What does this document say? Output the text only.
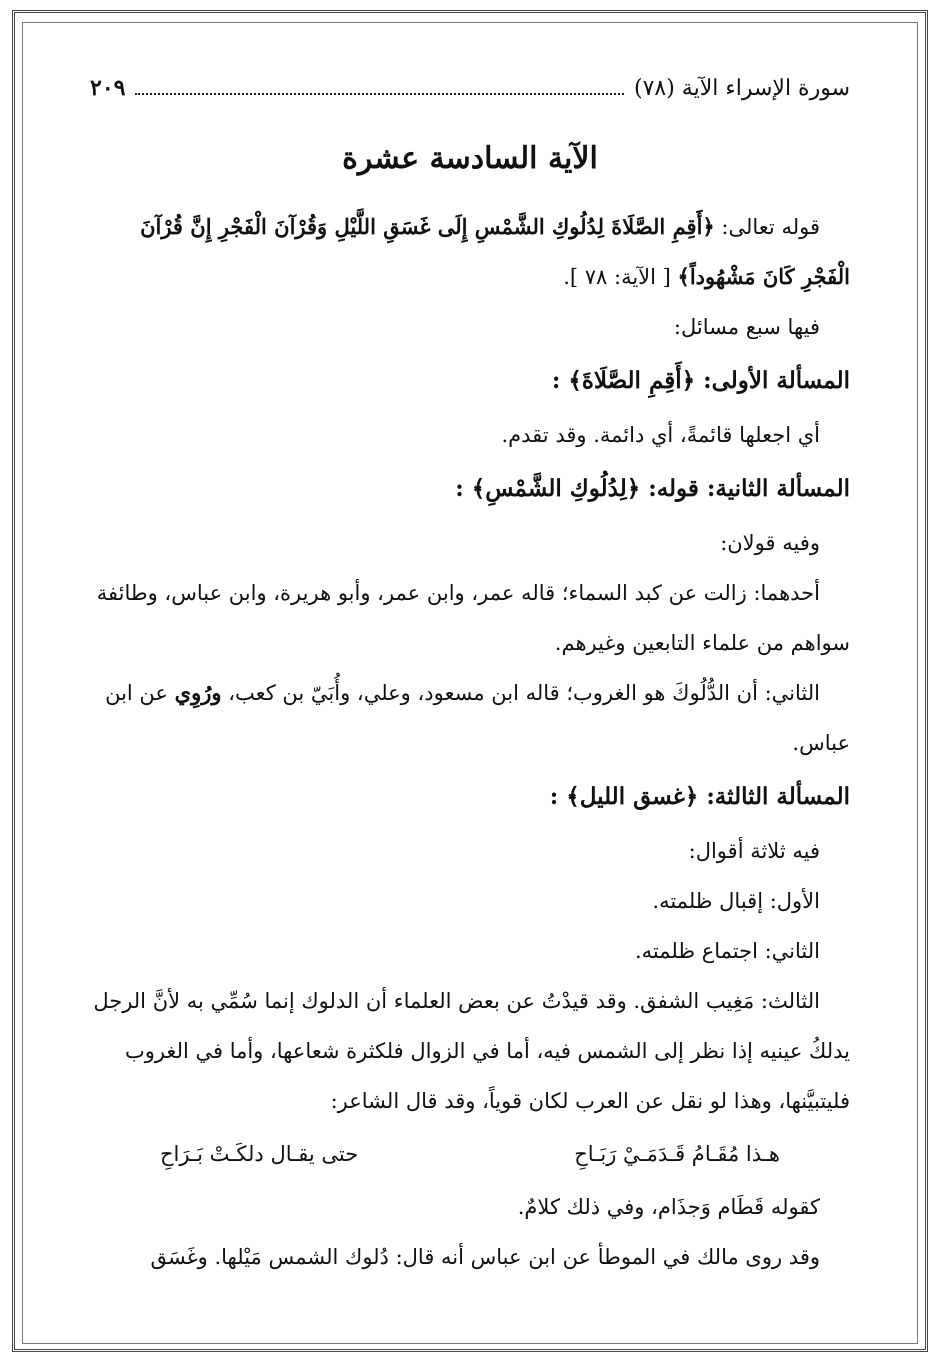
سورة الإسراء الآية (٧٨)
٢٠٩
الآية السادسة عشرة

قوله تعالى: ﴿أَقِمِ الصَّلَاةَ لِدُلُوكِ الشَّمْسِ إِلَى غَسَقِ اللَّيْلِ وَقُرْآنَ الْفَجْرِ إِنَّ قُرْآنَ الْفَجْرِ كَانَ مَشْهُوداً﴾ [ الآية: ٧٨ ].

فيها سبع مسائل:

المسألة الأولى: ﴿أَقِمِ الصَّلَاةَ﴾ :

أي اجعلها قائمةً، أي دائمة. وقد تقدم.

المسألة الثانية: قوله: ﴿لِدُلُوكِ الشَّمْسِ﴾ :

وفيه قولان:

أحدهما: زالت عن كبد السماء؛ قاله عمر، وابن عمر، وأبو هريرة، وابن عباس، وطائفة سواهم من علماء التابعين وغيرهم.

الثاني: أن الدُّلُوكَ هو الغروب؛ قاله ابن مسعود، وعلي، وأُبَيّ بن كعب، ورُوِي عن ابن عباس.

المسألة الثالثة: ﴿غسق الليل﴾ :

فيه ثلاثة أقوال:

الأول: إقبال ظلمته.

الثاني: اجتماع ظلمته.

الثالث: مَغِيب الشفق. وقد قيدْتُ عن بعض العلماء أن الدلوك إنما سُمِّي به لأنَّ الرجل يدلكُ عينيه إذا نظر إلى الشمس فيه، أما في الزوال فلكثرة شعاعها، وأما في الغروب فليتبيَّنها، وهذا لو نقل عن العرب لكان قوياً، وقد قال الشاعر:

هـذا مُقَـامُ قَـدَمَـيْ رَبَـاحِ
حتى يقـال دلكَـتْ بَـرَاحِ

كقوله قَطَام وَجذَام، وفي ذلك كلامٌ.

وقد روى مالك في الموطأ عن ابن عباس أنه قال: دُلوك الشمس مَيْلها. وغَسَق
